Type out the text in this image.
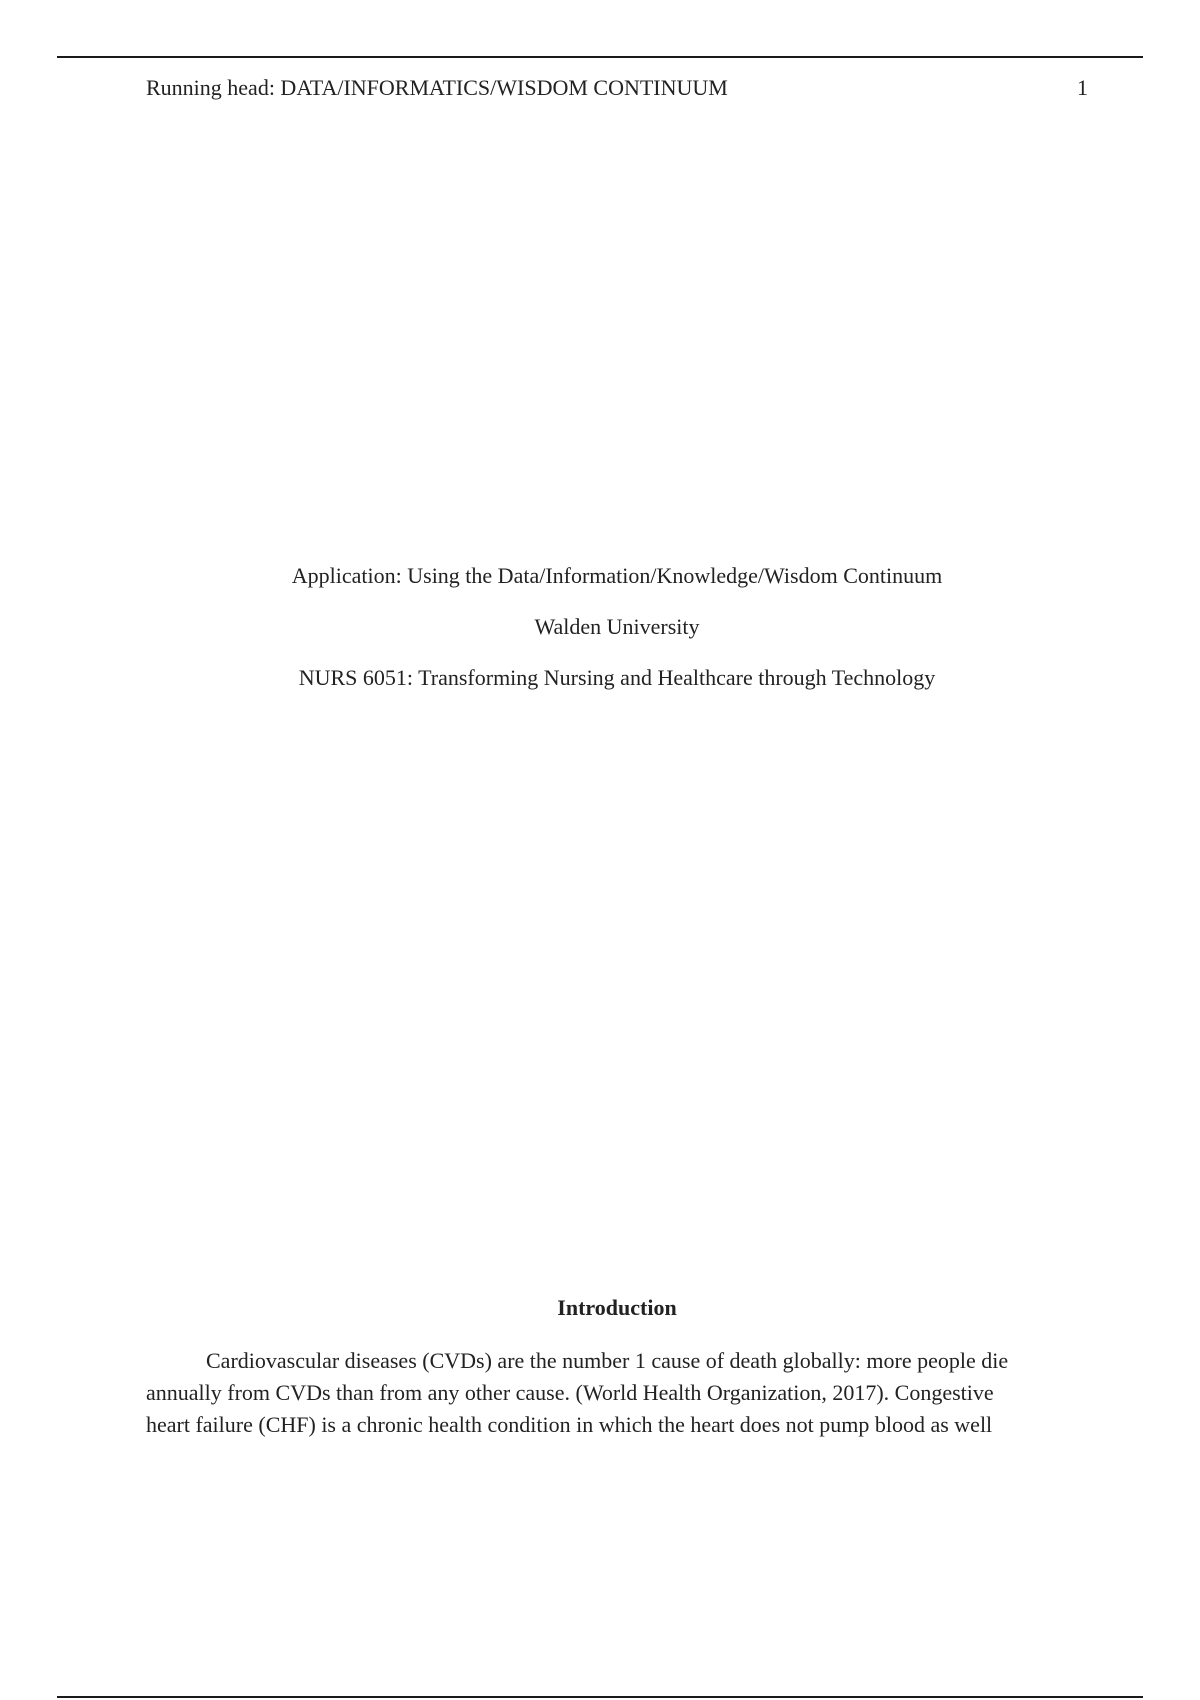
Running head: DATA/INFORMATICS/WISDOM CONTINUUM	1
Application: Using the Data/Information/Knowledge/Wisdom Continuum
Walden University
NURS 6051: Transforming Nursing and Healthcare through Technology
Introduction
Cardiovascular diseases (CVDs) are the number 1 cause of death globally: more people die
annually from CVDs than from any other cause. (World Health Organization, 2017). Congestive
heart failure (CHF) is a chronic health condition in which the heart does not pump blood as well
